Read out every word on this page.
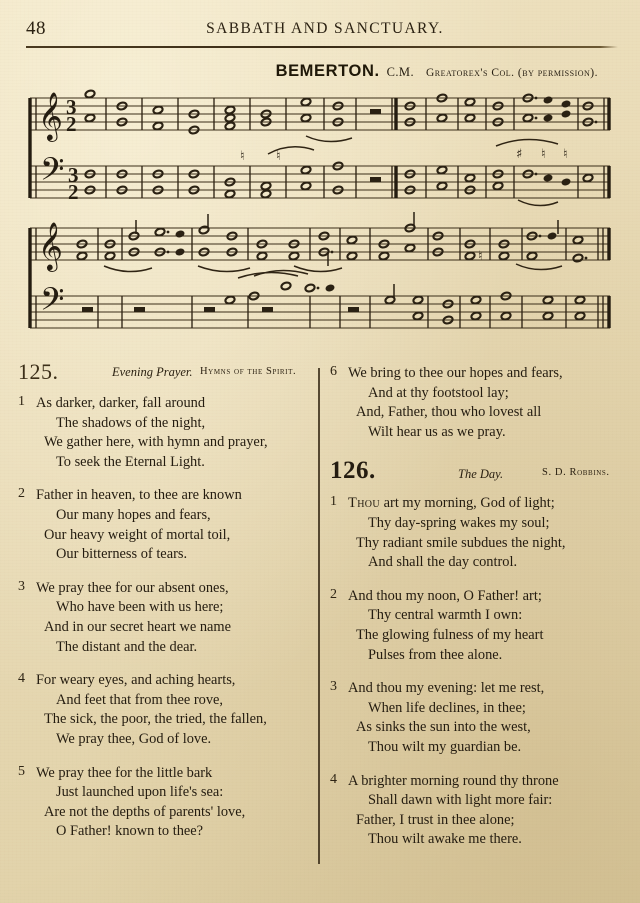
48	SABBATH AND SANCTUARY.
BEMERTON. C.M. Greatorex's Col. (by permission).
𝄞
𝄢
3
2
3
2
♮ ♮	♯ ♮ ♮
𝄞
𝄢
♮
125.	Evening Prayer. Hymns of the Spirit.
1 As darker, darker, fall around
The shadows of the night,
We gather here, with hymn and prayer,
To seek the Eternal Light.
2 Father in heaven, to thee are known
Our many hopes and fears,
Our heavy weight of mortal toil,
Our bitterness of tears.
3 We pray thee for our absent ones,
Who have been with us here;
And in our secret heart we name
The distant and the dear.
4 For weary eyes, and aching hearts,
And feet that from thee rove,
The sick, the poor, the tried, the fallen,
We pray thee, God of love.
5 We pray thee for the little bark
Just launched upon life's sea:
Are not the depths of parents' love,
O Father! known to thee?
6 We bring to thee our hopes and fears,
And at thy footstool lay;
And, Father, thou who lovest all
Wilt hear us as we pray.
126.	The Day.	S. D. Robbins.
1 Thou art my morning, God of light;
Thy day-spring wakes my soul;
Thy radiant smile subdues the night,
And shall the day control.
2 And thou my noon, O Father! art;
Thy central warmth I own:
The glowing fulness of my heart
Pulses from thee alone.
3 And thou my evening: let me rest,
When life declines, in thee;
As sinks the sun into the west,
Thou wilt my guardian be.
4 A brighter morning round thy throne
Shall dawn with light more fair:
Father, I trust in thee alone;
Thou wilt awake me there.
